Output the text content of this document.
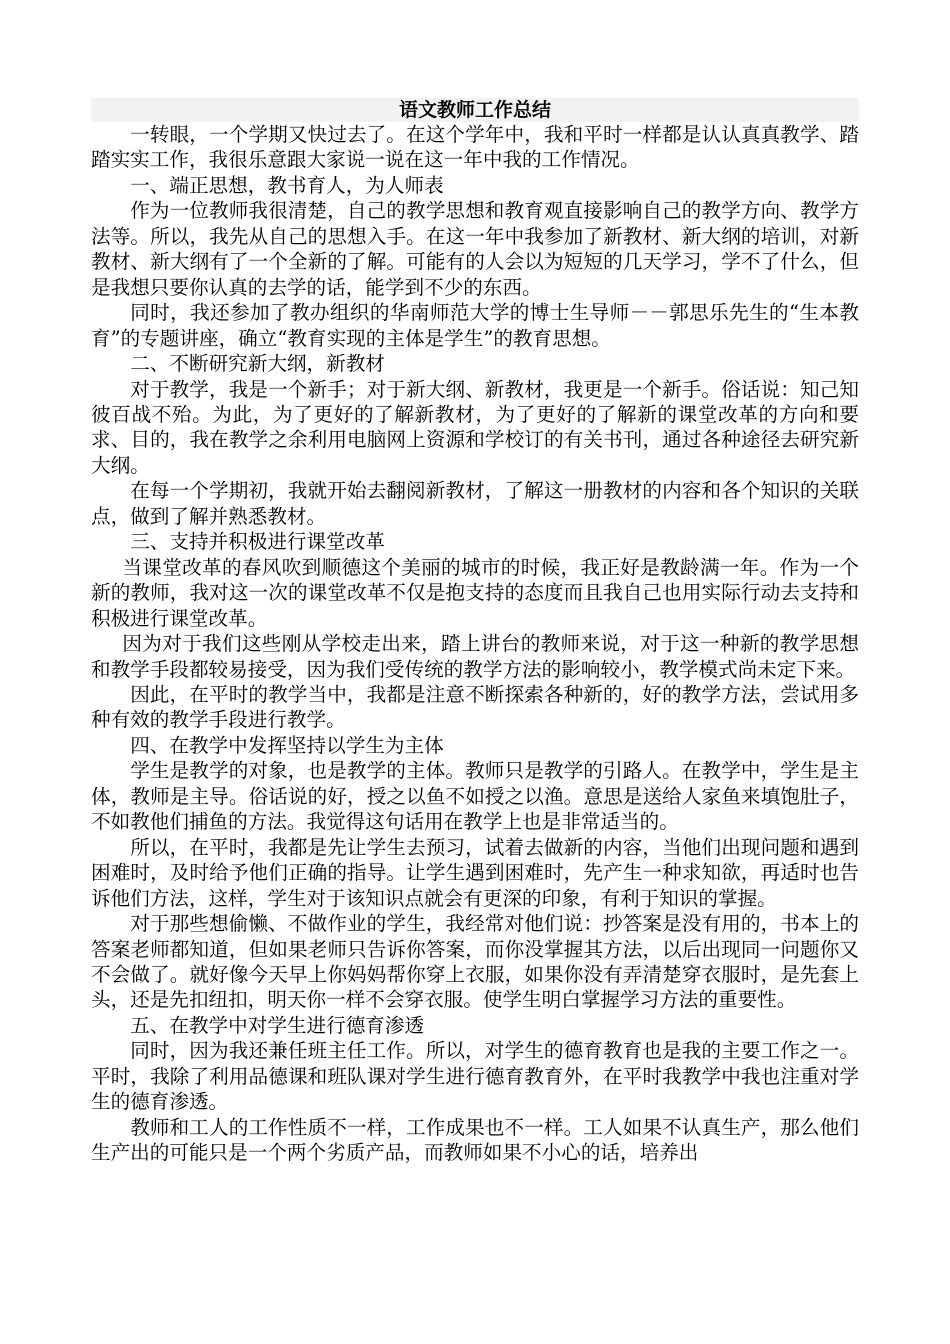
语文教师工作总结

一转眼，一个学期又快过去了。在这个学年中，我和平时一样都是认认真真教学、踏踏实实工作，我很乐意跟大家说一说在这一年中我的工作情况。

一、端正思想，教书育人，为人师表

作为一位教师我很清楚，自己的教学思想和教育观直接影响自己的教学方向、教学方法等。所以，我先从自己的思想入手。在这一年中我参加了新教材、新大纲的培训，对新教材、新大纲有了一个全新的了解。可能有的人会以为短短的几天学习，学不了什么，但是我想只要你认真的去学的话，能学到不少的东西。

同时，我还参加了教办组织的华南师范大学的博士生导师－－郭思乐先生的“生本教育”的专题讲座，确立“教育实现的主体是学生”的教育思想。

二、不断研究新大纲，新教材

对于教学，我是一个新手；对于新大纲、新教材，我更是一个新手。俗话说：知己知彼百战不殆。为此，为了更好的了解新教材，为了更好的了解新的课堂改革的方向和要求、目的，我在教学之余利用电脑网上资源和学校订的有关书刊，通过各种途径去研究新大纲。

在每一个学期初，我就开始去翻阅新教材，了解这一册教材的内容和各个知识的关联点，做到了解并熟悉教材。

三、支持并积极进行课堂改革

当课堂改革的春风吹到顺德这个美丽的城市的时候，我正好是教龄满一年。作为一个新的教师，我对这一次的课堂改革不仅是抱支持的态度而且我自己也用实际行动去支持和积极进行课堂改革。

因为对于我们这些刚从学校走出来，踏上讲台的教师来说，对于这一种新的教学思想和教学手段都较易接受，因为我们受传统的教学方法的影响较小，教学模式尚未定下来。

因此，在平时的教学当中，我都是注意不断探索各种新的，好的教学方法，尝试用多种有效的教学手段进行教学。

四、在教学中发挥坚持以学生为主体

学生是教学的对象，也是教学的主体。教师只是教学的引路人。在教学中，学生是主体，教师是主导。俗话说的好，授之以鱼不如授之以渔。意思是送给人家鱼来填饱肚子，不如教他们捕鱼的方法。我觉得这句话用在教学上也是非常适当的。

所以，在平时，我都是先让学生去预习，试着去做新的内容，当他们出现问题和遇到困难时，及时给予他们正确的指导。让学生遇到困难时，先产生一种求知欲，再适时也告诉他们方法，这样，学生对于该知识点就会有更深的印象，有利于知识的掌握。

对于那些想偷懒、不做作业的学生，我经常对他们说：抄答案是没有用的，书本上的答案老师都知道，但如果老师只告诉你答案，而你没掌握其方法，以后出现同一问题你又不会做了。就好像今天早上你妈妈帮你穿上衣服，如果你没有弄清楚穿衣服时，是先套上头，还是先扣纽扣，明天你一样不会穿衣服。使学生明白掌握学习方法的重要性。

五、在教学中对学生进行德育渗透

同时，因为我还兼任班主任工作。所以，对学生的德育教育也是我的主要工作之一。平时，我除了利用品德课和班队课对学生进行德育教育外，在平时我教学中我也注重对学生的德育渗透。

教师和工人的工作性质不一样，工作成果也不一样。工人如果不认真生产，那么他们生产出的可能只是一个两个劣质产品，而教师如果不小心的话，培养出
